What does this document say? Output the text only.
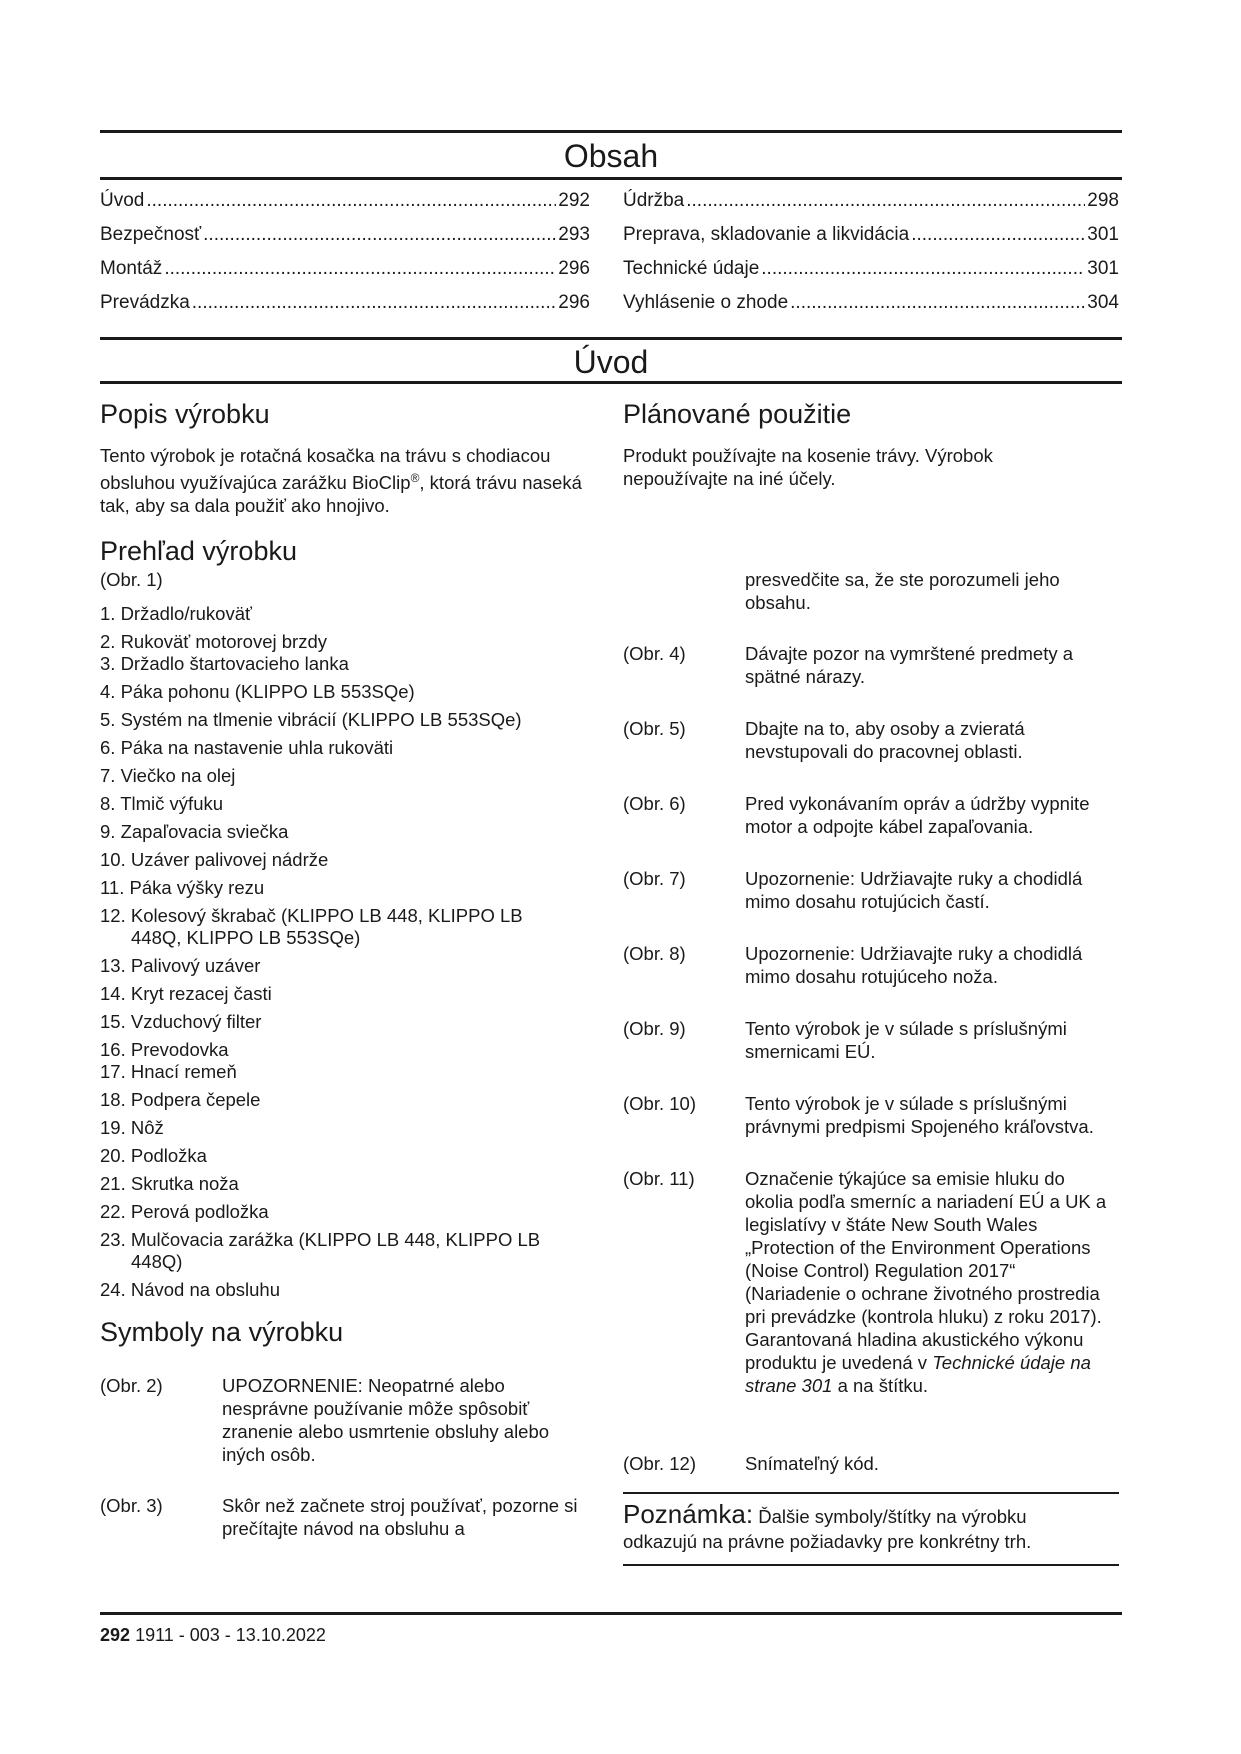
Obsah
Úvod .....	292
Bezpečnosť .....	293
Montáž .....	296
Prevádzka .....	296
Údržba .....	298
Preprava, skladovanie a likvidácia .....	301
Technické údaje .....	301
Vyhlásenie o zhode .....	304
Úvod
Popis výrobku

Tento výrobok je rotačná kosačka na trávu s chodiacou obsluhou využívajúca zarážku BioClip®, ktorá trávu naseká tak, aby sa dala použiť ako hnojivo.

Prehľad výrobku
(Obr. 1)
1. Držadlo/rukoväť
2. Rukoväť motorovej brzdy
3. Držadlo štartovacieho lanka
4. Páka pohonu (KLIPPO LB 553SQe)
5. Systém na tlmenie vibrácií (KLIPPO LB 553SQe)
6. Páka na nastavenie uhla rukoväti
7. Viečko na olej
8. Tlmič výfuku
9. Zapaľovacia sviečka
10. Uzáver palivovej nádrže
11. Páka výšky rezu
12. Kolesový škrabač (KLIPPO LB 448, KLIPPO LB 448Q, KLIPPO LB 553SQe)
13. Palivový uzáver
14. Kryt rezacej časti
15. Vzduchový filter
16. Prevodovka
17. Hnací remeň
18. Podpera čepele
19. Nôž
20. Podložka
21. Skrutka noža
22. Perová podložka
23. Mulčovacia zarážka (KLIPPO LB 448, KLIPPO LB 448Q)
24. Návod na obsluhu
Symboly na výrobku
(Obr. 2)	UPOZORNENIE: Neopatrné alebo nesprávne používanie môže spôsobiť zranenie alebo usmrtenie obsluhy alebo iných osôb.
(Obr. 3)	Skôr než začnete stroj používať, pozorne si prečítajte návod na obsluhu a
Plánované použitie

Produkt používajte na kosenie trávy. Výrobok nepoužívajte na iné účely.

presvedčite sa, že ste porozumeli jeho obsahu.
(Obr. 4)	Dávajte pozor na vymrštené predmety a spätné nárazy.
(Obr. 5)	Dbajte na to, aby osoby a zvieratá nevstupovali do pracovnej oblasti.
(Obr. 6)	Pred vykonávaním opráv a údržby vypnite motor a odpojte kábel zapaľovania.
(Obr. 7)	Upozornenie: Udržiavajte ruky a chodidlá mimo dosahu rotujúcich častí.
(Obr. 8)	Upozornenie: Udržiavajte ruky a chodidlá mimo dosahu rotujúceho noža.
(Obr. 9)	Tento výrobok je v súlade s príslušnými smernicami EÚ.
(Obr. 10)	Tento výrobok je v súlade s príslušnými právnymi predpismi Spojeného kráľovstva.
(Obr. 11)	Označenie týkajúce sa emisie hluku do okolia podľa smerníc a nariadení EÚ a UK a legislatívy v štáte New South Wales „Protection of the Environment Operations (Noise Control) Regulation 2017“ (Nariadenie o ochrane životného prostredia pri prevádzke (kontrola hluku) z roku 2017). Garantovaná hladina akustického výkonu produktu je uvedená v Technické údaje na strane 301 a na štítku.
(Obr. 12)	Snímateľný kód.
Poznámka: Ďalšie symboly/štítky na výrobku odkazujú na právne požiadavky pre konkrétny trh.
292 1911 - 003 - 13.10.2022
